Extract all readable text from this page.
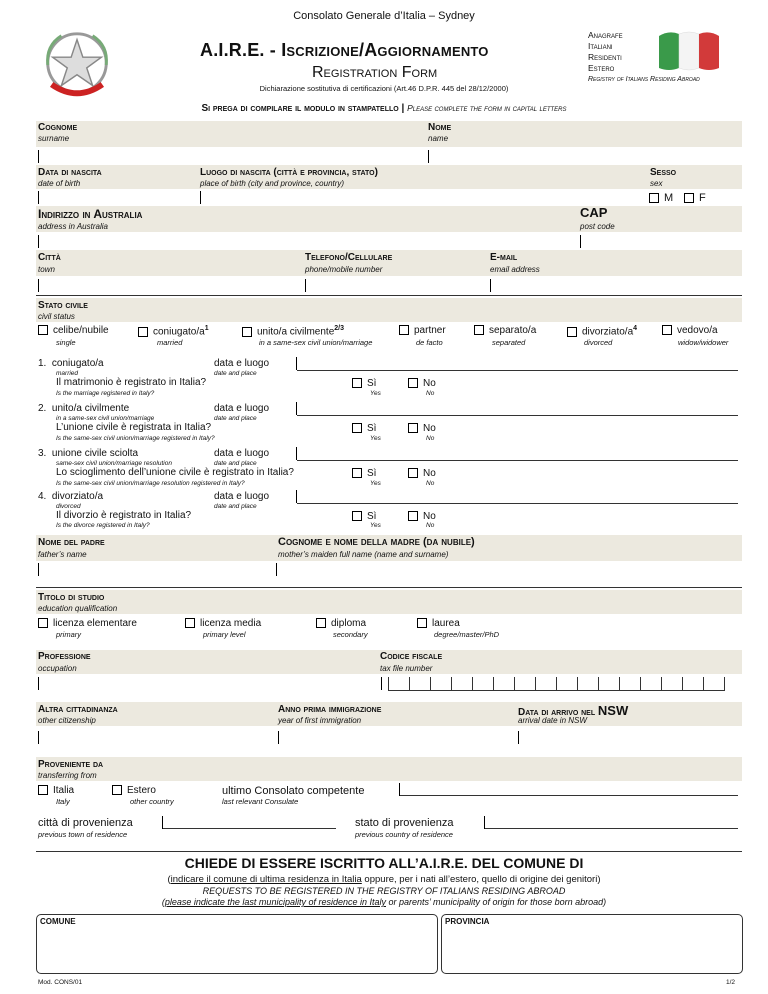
Consolato Generale d’Italia – Sydney
A.I.R.E. - Iscrizione/Aggiornamento
Registration Form
Anagrafe
Italiani
Residenti
Estero
Registry of Italians Residing Abroad
Dichiarazione sostitutiva di certificazioni (Art.46 D.P.R. 445 del 28/12/2000)
Si prega di compilare il modulo in stampatello | Please complete the form in capital letters
Cognome
surname
Nome
name
Data di nascita
date of birth
Luogo di nascita (città e provincia, stato)
place of birth (city and province, country)
Sesso
sex
M	F
Indirizzo in Australia
address in Australia
CAP
post code
Città
town
Telefono/Cellulare
phone/mobile number
E-mail
email address
Stato civile
civil status
celibe/nubile
single
coniugato/$a^1$
married
unito/a civilmente$^{2/3}$
in a same-sex civil union/marriage
partner
de facto
separato/a
separated
divorziato/$a^4$
divorced
vedovo/a
widow/widower
1. coniugato/a
married
data e luogo
date and place
Il matrimonio è registrato in Italia?
Is the marriage registered in Italy?
Sì
Yes
No
No
2. unito/a civilmente
in a same-sex civil union/marriage
data e luogo
date and place
L’unione civile è registrata in Italia?
Is the same-sex civil union/marriage registered in Italy?
Sì
Yes
No
No
3. unione civile sciolta
same-sex civil union/marriage resolution
data e luogo
date and place
Lo scioglimento dell’unione civile è registrato in Italia?
Is the same-sex civil union/marriage resolution registered in Italy?
Sì
Yes
No
No
4. divorziato/a
divorced
data e luogo
date and place
Il divorzio è registrato in Italia?
Is the divorce registered in Italy?
Sì
Yes
No
No
Nome del padre
father’s name
Cognome e nome della madre (da nubile)
mother’s maiden full name (name and surname)
Titolo di studio
education qualification
licenza elementare
primary
licenza media
primary level
diploma
secondary
laurea
degree/master/PhD
Professione
occupation
Codice fiscale
tax file number
Altra cittadinanza
other citizenship
Anno prima immigrazione
year of first immigration
Data di arrivo nel NSW
arrival date in NSW
Proveniente da
transferring from
Italia
Italy
Estero
other country
ultimo Consolato competente
last relevant Consulate
città di provenienza
previous town of residence
stato di provenienza
previous country of residence
CHIEDE DI ESSERE ISCRITTO ALL’A.I.R.E. DEL COMUNE DI
(indicare il comune di ultima residenza in Italia oppure, per i nati all’estero, quello di origine dei genitori)
REQUESTS TO BE REGISTERED IN THE REGISTRY OF ITALIANS RESIDING ABROAD
(please indicate the last municipality of residence in Italy or parents’ municipality of origin for those born abroad)
COMUNE	PROVINCIA
Mod. CONS/01	1/2
